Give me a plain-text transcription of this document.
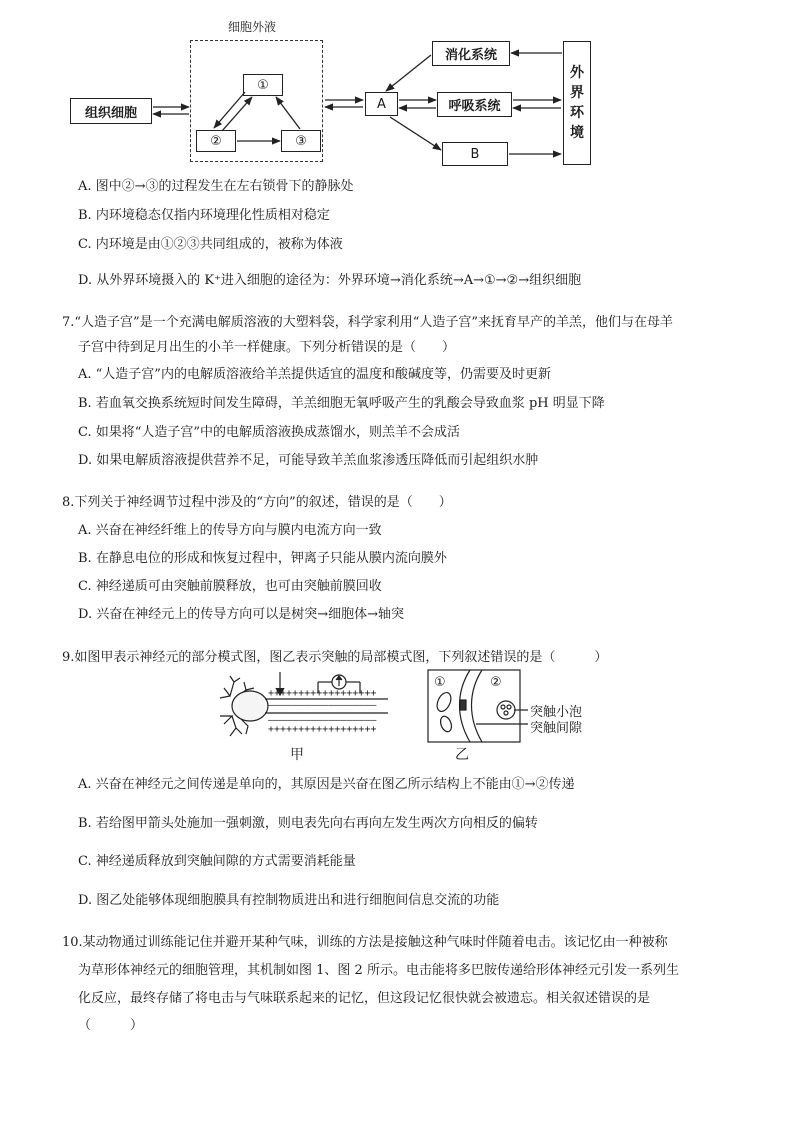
细胞外液
①
②	③
组织细胞
A
B
消化系统
呼吸系统
外
界
环
境
A. 图中②→③的过程发生在左右锁骨下的静脉处
B. 内环境稳态仅指内环境理化性质相对稳定
C. 内环境是由①②③共同组成的，被称为体液
D. 从外界环境摄入的 K⁺进入细胞的途径为：外界环境→消化系统→A→①→②→组织细胞
7.“人造子宫”是一个充满电解质溶液的大塑料袋，科学家利用“人造子宫”来抚育早产的羊羔，他们与在母羊
子宫中待到足月出生的小羊一样健康。下列分析错误的是（　　）
A. “人造子宫”内的电解质溶液给羊羔提供适宜的温度和酸碱度等，仍需要及时更新
B. 若血氧交换系统短时间发生障碍，羊羔细胞无氧呼吸产生的乳酸会导致血浆 pH 明显下降
C. 如果将“人造子宫”中的电解质溶液换成蒸馏水，则羔羊不会成活
D. 如果电解质溶液提供营养不足，可能导致羊羔血浆渗透压降低而引起组织水肿
8.下列关于神经调节过程中涉及的“方向”的叙述，错误的是（　　）
A. 兴奋在神经纤维上的传导方向与膜内电流方向一致
B. 在静息电位的形成和恢复过程中，钾离子只能从膜内流向膜外
C. 神经递质可由突触前膜释放，也可由突触前膜回收
D. 兴奋在神经元上的传导方向可以是树突→细胞体→轴突
9.如图甲表示神经元的部分模式图，图乙表示突触的局部模式图，下列叙述错误的是（　　　）
++++++++++++++++++
——————————————————
——————————————————
++++++++++++++++++
甲
①	②
突触小泡
突触间隙
乙
A. 兴奋在神经元之间传递是单向的，其原因是兴奋在图乙所示结构上不能由①→②传递
B. 若给图甲箭头处施加一强刺激，则电表先向右再向左发生两次方向相反的偏转
C. 神经递质释放到突触间隙的方式需要消耗能量
D. 图乙处能够体现细胞膜具有控制物质进出和进行细胞间信息交流的功能
10.某动物通过训练能记住并避开某种气味，训练的方法是接触这种气味时伴随着电击。该记忆由一种被称
为草形体神经元的细胞管理，其机制如图 1、图 2 所示。电击能将多巴胺传递给形体神经元引发一系列生
化反应，最终存储了将电击与气味联系起来的记忆，但这段记忆很快就会被遗忘。相关叙述错误的是
（　　　）
